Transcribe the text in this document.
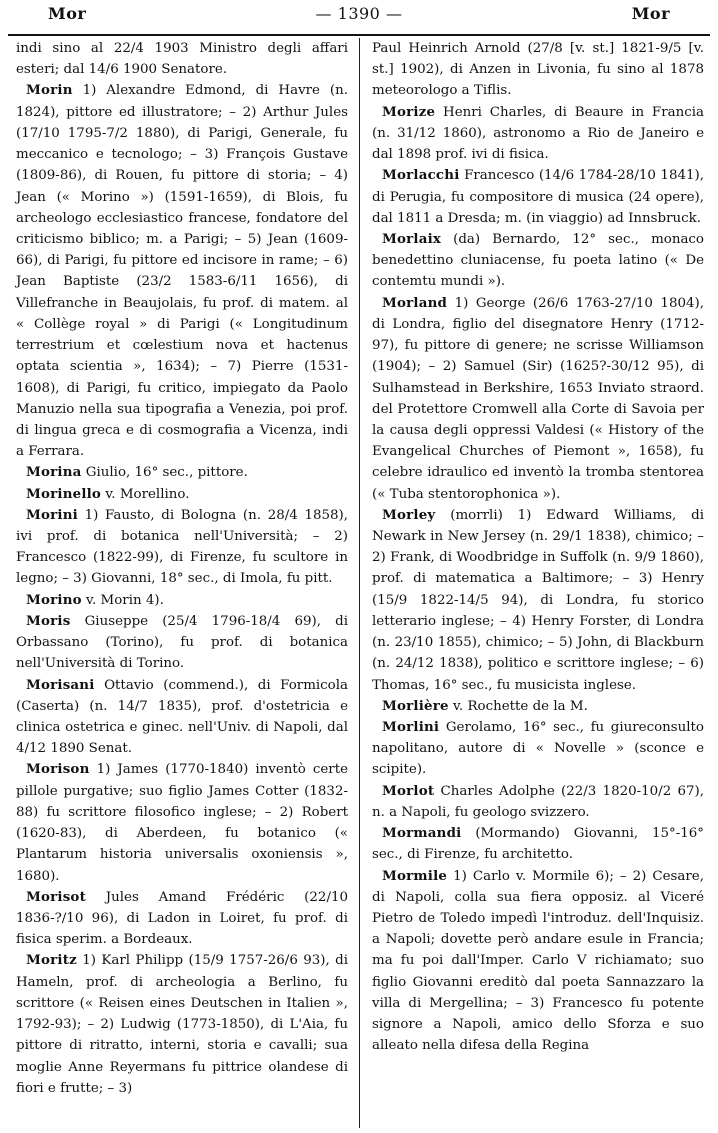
Mor	— 1390 —	Mor

indi sino al 22/4 1903 Ministro degli affari esteri; dal 14/6 1900 Senatore.

Morin 1) Alexandre Edmond, di Havre (n. 1824), pittore ed illustratore; – 2) Arthur Jules (17/10 1795-7/2 1880), di Parigi, Generale, fu meccanico e tecnologo; – 3) François Gustave (1809-86), di Rouen, fu pittore di storia; – 4) Jean (« Morino ») (1591-1659), di Blois, fu archeologo ecclesiastico francese, fondatore del criticismo biblico; m. a Parigi; – 5) Jean (1609-66), di Parigi, fu pittore ed incisore in rame; – 6) Jean Baptiste (23/2 1583-6/11 1656), di Villefranche in Beaujolais, fu prof. di matem. al « Collège royal » di Parigi (« Longitudinum terrestrium et cœlestium nova et hactenus optata scientia », 1634); – 7) Pierre (1531-1608), di Parigi, fu critico, impiegato da Paolo Manuzio nella sua tipografia a Venezia, poi prof. di lingua greca e di cosmografia a Vicenza, indi a Ferrara.

Morina Giulio, 16° sec., pittore.

Morinello v. Morellino.

Morini 1) Fausto, di Bologna (n. 28/4 1858), ivi prof. di botanica nell'Università; – 2) Francesco (1822-99), di Firenze, fu scultore in legno; – 3) Giovanni, 18° sec., di Imola, fu pitt.

Morino v. Morin 4).

Moris Giuseppe (25/4 1796-18/4 69), di Orbassano (Torino), fu prof. di botanica nell'Università di Torino.

Morisani Ottavio (commend.), di Formicola (Caserta) (n. 14/7 1835), prof. d'ostetricia e clinica ostetrica e ginec. nell'Univ. di Napoli, dal 4/12 1890 Senat.

Morison 1) James (1770-1840) inventò certe pillole purgative; suo figlio James Cotter (1832-88) fu scrittore filosofico inglese; – 2) Robert (1620-83), di Aberdeen, fu botanico (« Plantarum historia universalis oxoniensis », 1680).

Morisot Jules Amand Frédéric (22/10 1836-?/10 96), di Ladon in Loiret, fu prof. di fisica sperim. a Bordeaux.

Moritz 1) Karl Philipp (15/9 1757-26/6 93), di Hameln, prof. di archeologia a Berlino, fu scrittore (« Reisen eines Deutschen in Italien », 1792-93); – 2) Ludwig (1773-1850), di L'Aia, fu pittore di ritratto, interni, storia e cavalli; sua moglie Anne Reyermans fu pittrice olandese di fiori e frutte; – 3)

Paul Heinrich Arnold (27/8 [v. st.] 1821-9/5 [v. st.] 1902), di Anzen in Livonia, fu sino al 1878 meteorologo a Tiflis.

Morize Henri Charles, di Beaure in Francia (n. 31/12 1860), astronomo a Rio de Janeiro e dal 1898 prof. ivi di fisica.

Morlacchi Francesco (14/6 1784-28/10 1841), di Perugia, fu compositore di musica (24 opere), dal 1811 a Dresda; m. (in viaggio) ad Innsbruck.

Morlaix (da) Bernardo, 12° sec., monaco benedettino cluniacense, fu poeta latino (« De contemtu mundi »).

Morland 1) George (26/6 1763-27/10 1804), di Londra, figlio del disegnatore Henry (1712-97), fu pittore di genere; ne scrisse Williamson (1904); – 2) Samuel (Sir) (1625?-30/12 95), di Sulhamstead in Berkshire, 1653 Inviato straord. del Protettore Cromwell alla Corte di Savoia per la causa degli oppressi Valdesi (« History of the Evangelical Churches of Piemont », 1658), fu celebre idraulico ed inventò la tromba stentorea (« Tuba stentorophonica »).

Morley (morrli) 1) Edward Williams, di Newark in New Jersey (n. 29/1 1838), chimico; – 2) Frank, di Woodbridge in Suffolk (n. 9/9 1860), prof. di matematica a Baltimore; – 3) Henry (15/9 1822-14/5 94), di Londra, fu storico letterario inglese; – 4) Henry Forster, di Londra (n. 23/10 1855), chimico; – 5) John, di Blackburn (n. 24/12 1838), politico e scrittore inglese; – 6) Thomas, 16° sec., fu musicista inglese.

Morlière v. Rochette de la M.

Morlini Gerolamo, 16° sec., fu giureconsulto napolitano, autore di « Novelle » (sconce e scipite).

Morlot Charles Adolphe (22/3 1820-10/2 67), n. a Napoli, fu geologo svizzero.

Mormandi (Mormando) Giovanni, 15°-16° sec., di Firenze, fu architetto.

Mormile 1) Carlo v. Mormile 6); – 2) Cesare, di Napoli, colla sua fiera opposiz. al Viceré Pietro de Toledo impedì l'introduz. dell'Inquisiz. a Napoli; dovette però andare esule in Francia; ma fu poi dall'Imper. Carlo V richiamato; suo figlio Giovanni ereditò dal poeta Sannazzaro la villa di Mergellina; – 3) Francesco fu potente signore a Napoli, amico dello Sforza e suo alleato nella difesa della Regina
